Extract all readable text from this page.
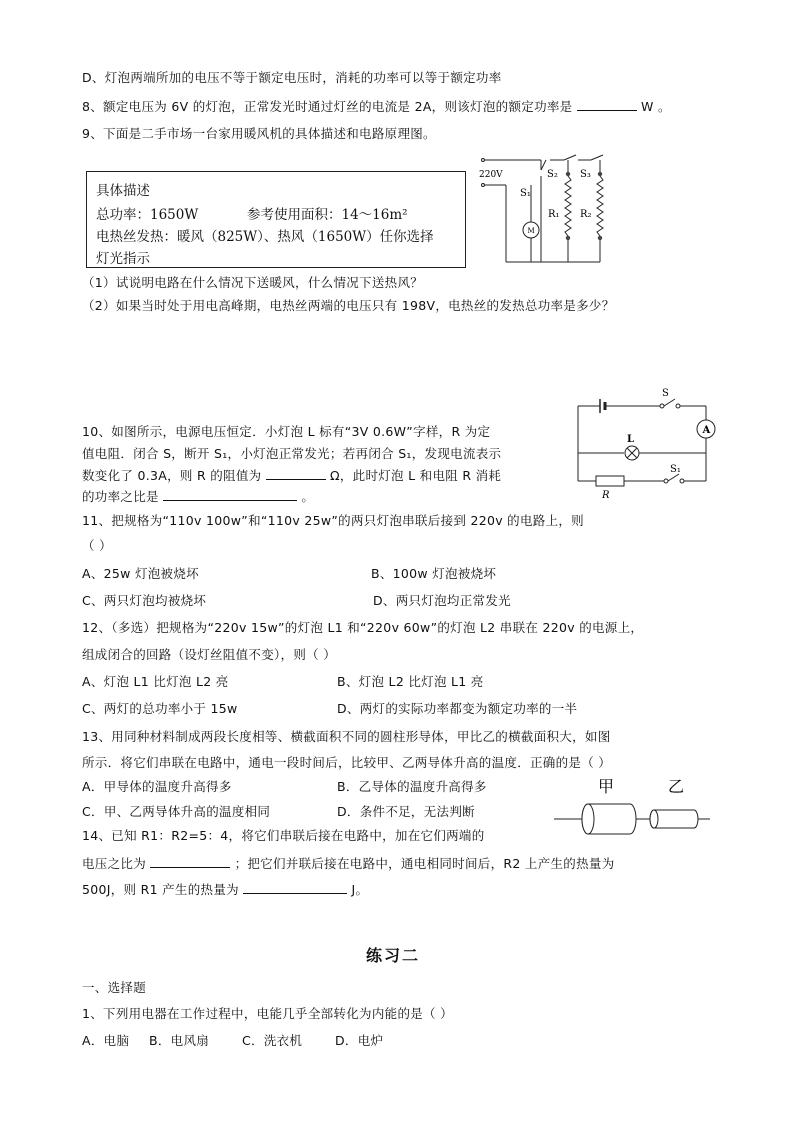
D、灯泡两端所加的电压不等于额定电压时，消耗的功率可以等于额定功率
8、额定电压为 6V 的灯泡，正常发光时通过灯丝的电流是 2A，则该灯泡的额定功率是	W 。
9、下面是二手市场一台家用暖风机的具体描述和电路原理图。
具体描述
总功率：1650W	参考使用面积：14～16m²
电热丝发热：暖风（825W）、热风（1650W）任你选择
灯光指示
220V
M
S₁
S₂ S₃
R₁ R₂
（1）试说明电路在什么情况下送暖风，什么情况下送热风？
（2）如果当时处于用电高峰期，电热丝两端的电压只有 198V，电热丝的发热总功率是多少？
10、如图所示，电源电压恒定．小灯泡 L 标有“3V 0.6W”字样，R 为定
值电阻．闭合 S，断开 S₁，小灯泡正常发光；若再闭合 S₁，发现电流表示
数变化了 0.3A，则 R 的阻值为	Ω，此时灯泡 L 和电阻 R 消耗
的功率之比是	。
S
A
L
S₁
R
11、把规格为“110v 100w”和“110v 25w”的两只灯泡串联后接到 220v 的电路上，则
（ ）
A、25w 灯泡被烧坏	B、100w 灯泡被烧坏
C、两只灯泡均被烧坏	D、两只灯泡均正常发光
12、（多选）把规格为“220v 15w”的灯泡 L1 和“220v 60w”的灯泡 L2 串联在 220v 的电源上，
组成闭合的回路（设灯丝阻值不变），则（ ）
A、灯泡 L1 比灯泡 L2 亮	B、灯泡 L2 比灯泡 L1 亮
C、两灯的总功率小于 15w	D、两灯的实际功率都变为额定功率的一半
13、用同种材料制成两段长度相等、横截面积不同的圆柱形导体，甲比乙的横截面积大，如图
所示．将它们串联在电路中，通电一段时间后，比较甲、乙两导体升高的温度．正确的是（ ）
A．甲导体的温度升高得多	B．乙导体的温度升高得多
C．甲、乙两导体升高的温度相同	D．条件不足，无法判断
甲	乙
14、已知 R1：R2=5：4，将它们串联后接在电路中，加在它们两端的
电压之比为	；把它们并联后接在电路中，通电相同时间后，R2 上产生的热量为
500J，则 R1 产生的热量为	J。
练习二
一、选择题
1、下列用电器在工作过程中，电能几乎全部转化为内能的是（ ）
A．电脑 B．电风扇	C．洗衣机	D．电炉
